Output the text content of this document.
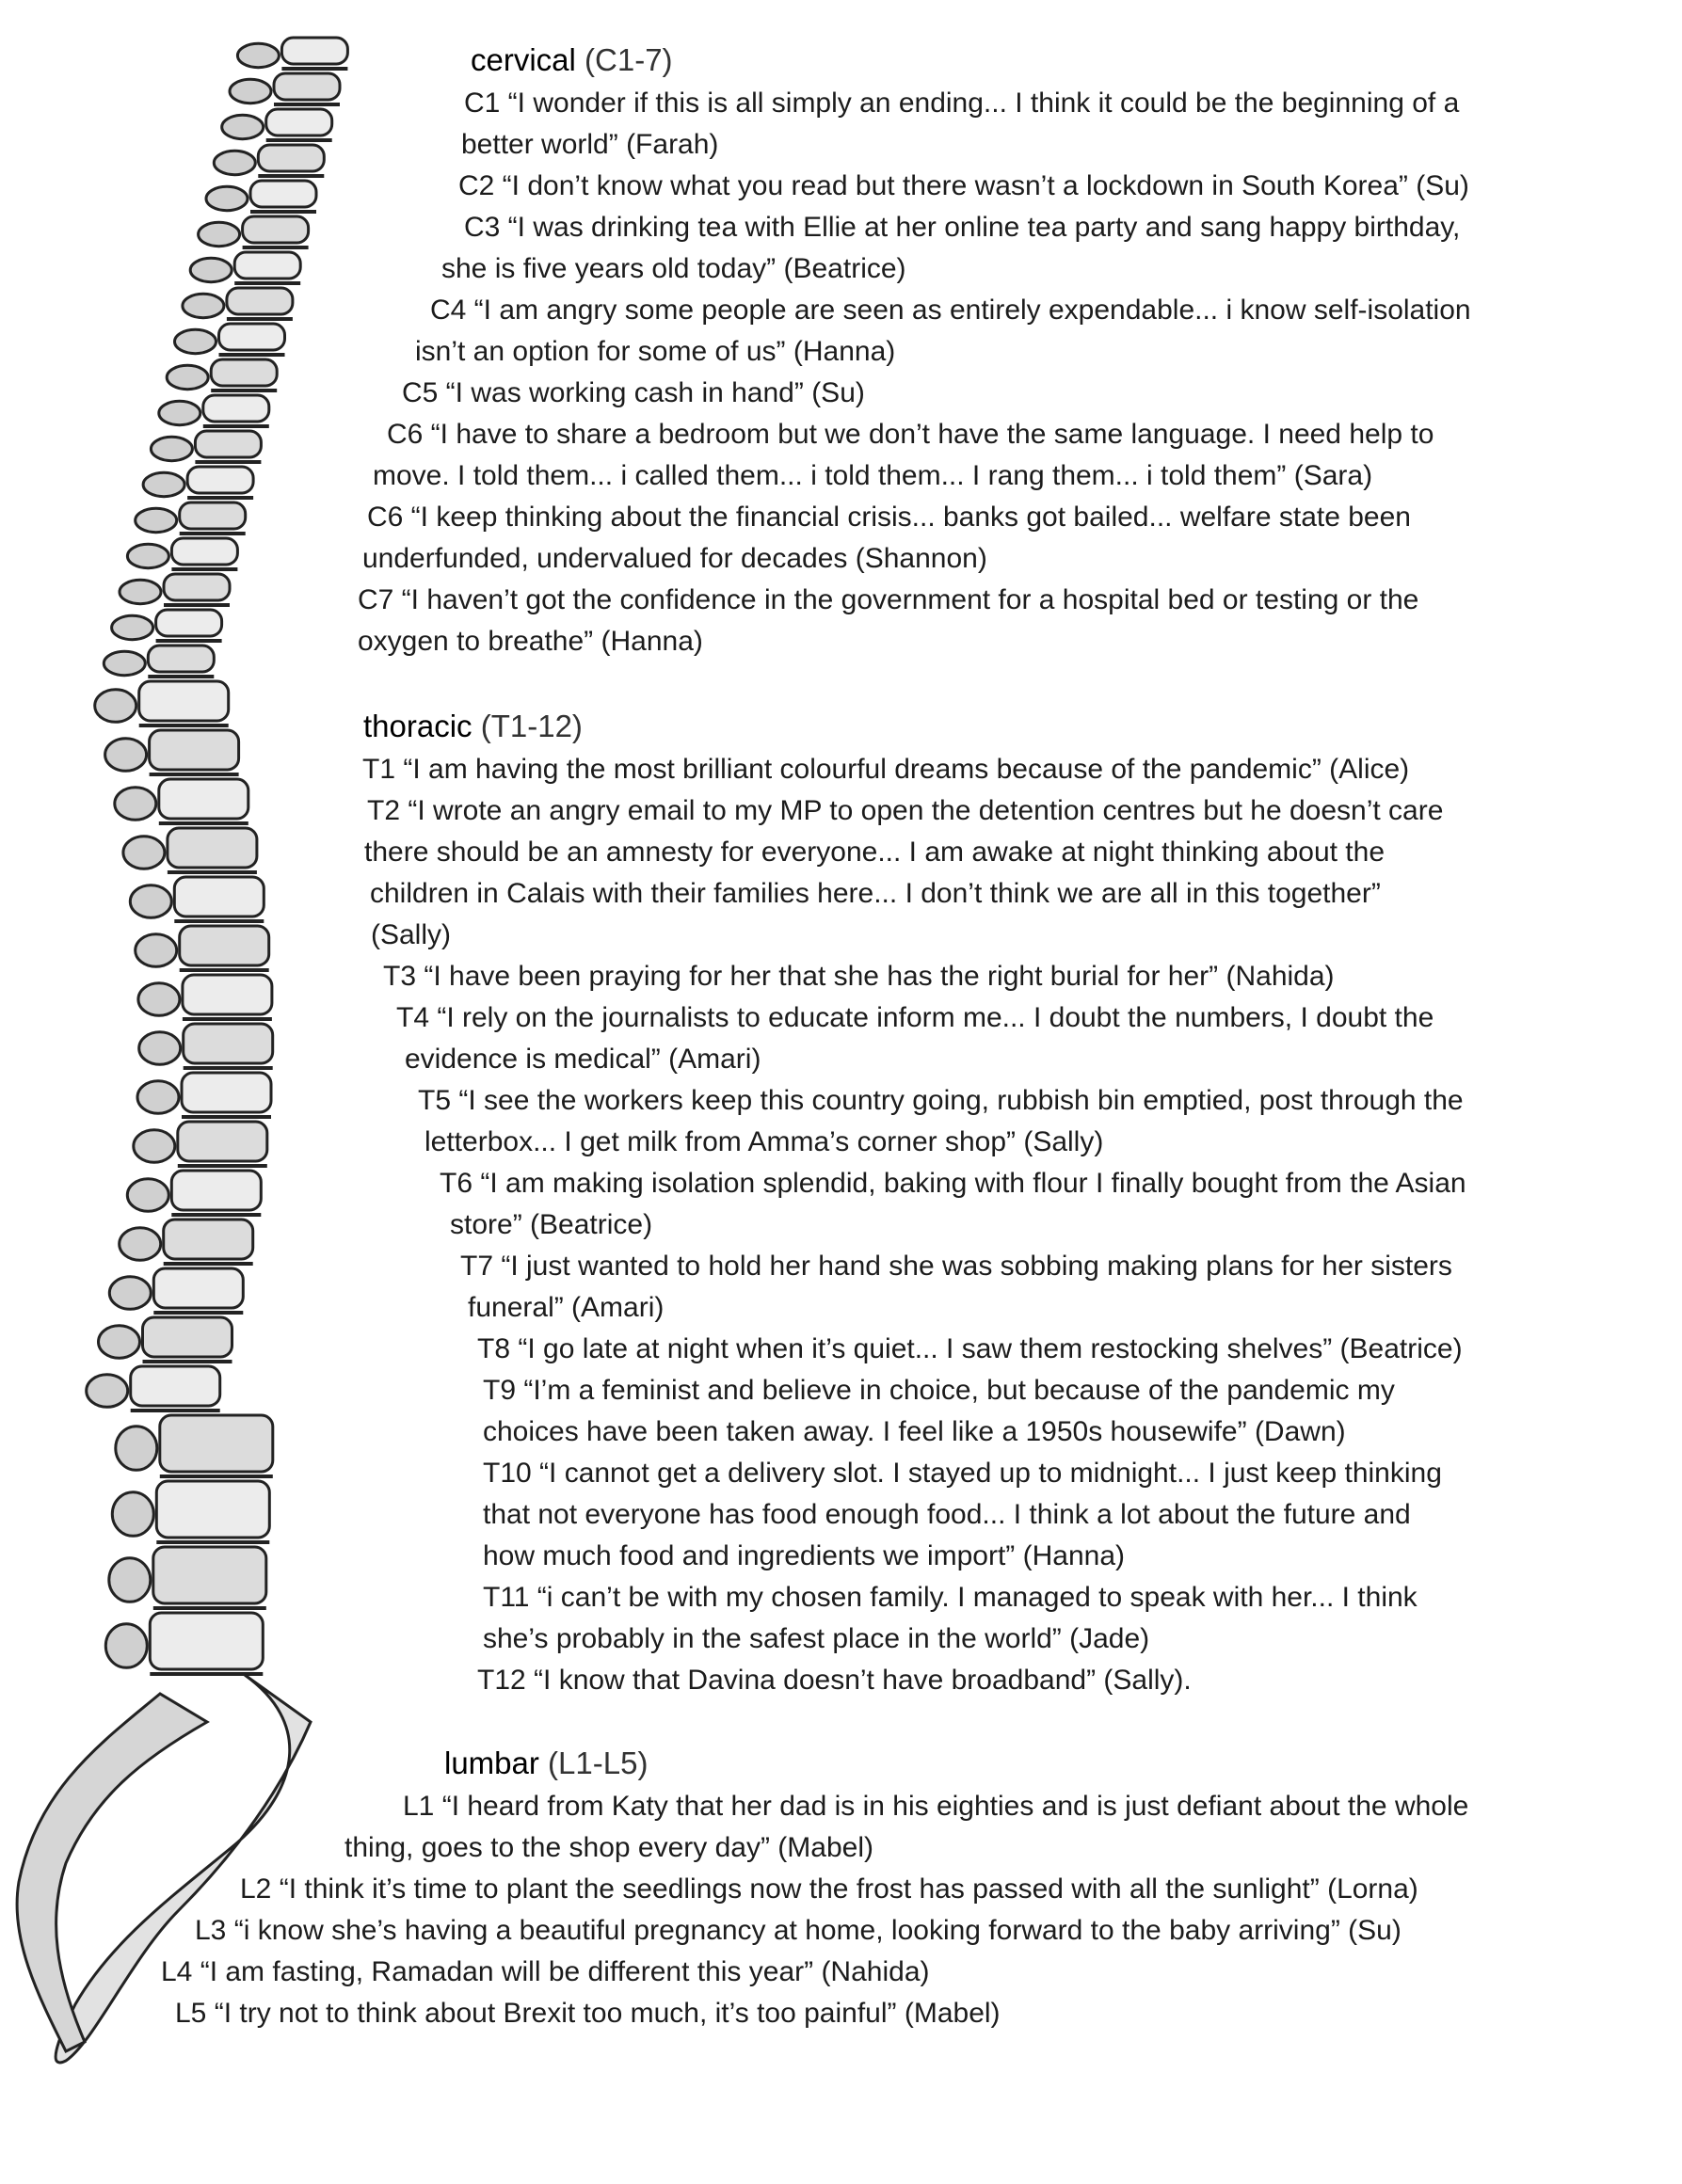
cervical (C1-7)
thoracic (T1-12)
lumbar (L1-L5)
C1 “I wonder if this is all simply an ending... I think it could be the beginning of a
better world” (Farah)
C2 “I don’t know what you read but there wasn’t a lockdown in South Korea” (Su)
C3 “I was drinking tea with Ellie at her online tea party and sang happy birthday,
she is five years old today” (Beatrice)
C4 “I am angry some people are seen as entirely expendable... i know self-isolation
isn’t an option for some of us” (Hanna)
C5 “I was working cash in hand” (Su)
C6 “I have to share a bedroom but we don’t have the same language. I need help to
move. I told them... i called them... i told them... I rang them... i told them” (Sara)
C6 “I keep thinking about the financial crisis... banks got bailed... welfare state been
underfunded, undervalued for decades (Shannon)
C7 “I haven’t got the confidence in the government for a hospital bed or testing or the
oxygen to breathe” (Hanna)
T1 “I am having the most brilliant colourful dreams because of the pandemic” (Alice)
T2 “I wrote an angry email to my MP to open the detention centres but he doesn’t care
there should be an amnesty for everyone... I am awake at night thinking about the
children in Calais with their families here... I don’t think we are all in this together”
(Sally)
T3 “I have been praying for her that she has the right burial for her” (Nahida)
T4 “I rely on the journalists to educate inform me... I doubt the numbers, I doubt the
evidence is medical” (Amari)
T5 “I see the workers keep this country going, rubbish bin emptied, post through the
letterbox... I get milk from Amma’s corner shop” (Sally)
T6 “I am making isolation splendid, baking with flour I finally bought from the Asian
store” (Beatrice)
T7 “I just wanted to hold her hand she was sobbing making plans for her sisters
funeral” (Amari)
T8 “I go late at night when it’s quiet... I saw them restocking shelves” (Beatrice)
T9 “I’m a feminist and believe in choice, but because of the pandemic my
choices have been taken away. I feel like a 1950s housewife” (Dawn)
T10 “I cannot get a delivery slot. I stayed up to midnight... I just keep thinking
that not everyone has food enough food... I think a lot about the future and
how much food and ingredients we import” (Hanna)
T11 “i can’t be with my chosen family. I managed to speak with her... I think
she’s probably in the safest place in the world” (Jade)
T12 “I know that Davina doesn’t have broadband” (Sally).
L1 “I heard from Katy that her dad is in his eighties and is just defiant about the whole
thing, goes to the shop every day” (Mabel)
L2 “I think it’s time to plant the seedlings now the frost has passed with all the sunlight” (Lorna)
L3 “i know she’s having a beautiful pregnancy at home, looking forward to the baby arriving” (Su)
L4 “I am fasting, Ramadan will be different this year” (Nahida)
L5 “I try not to think about Brexit too much, it’s too painful” (Mabel)
